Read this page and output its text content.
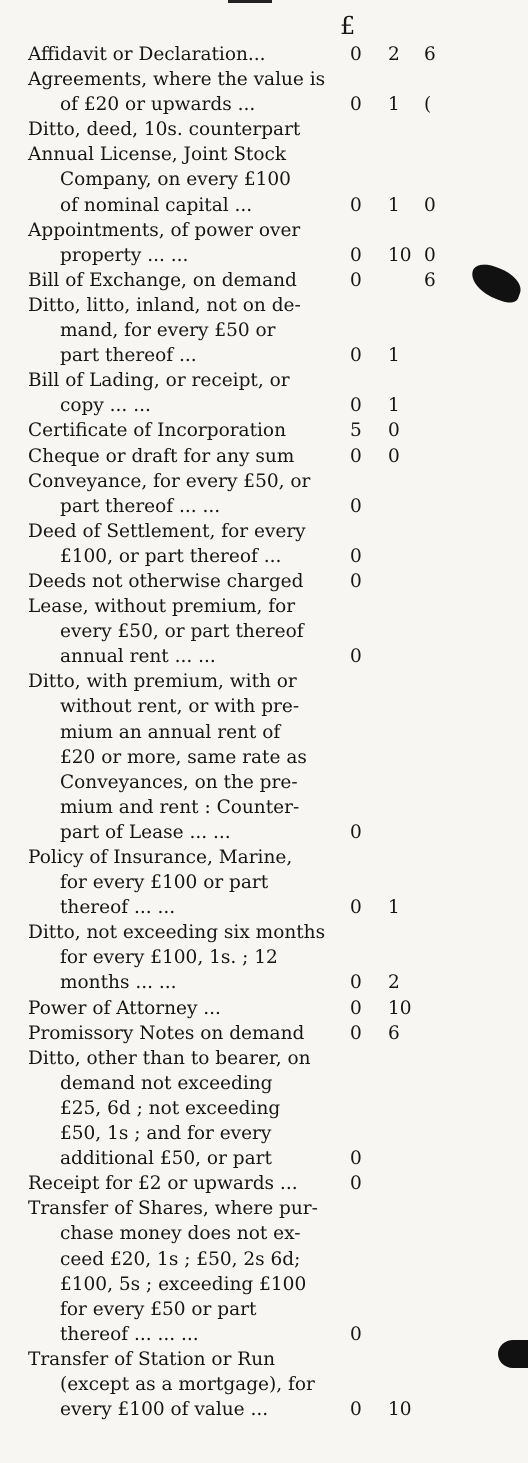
£
Affidavit or Declaration...	0 2 6
Agreements, where the value is
of £20 or upwards ...	0 1 (
Ditto, deed, 10s. counterpart
Annual License, Joint Stock
Company, on every £100
of nominal capital ...	0 1 0
Appointments, of power over
property ... ...	0 10 0
Bill of Exchange, on demand	0	6
Ditto, litto, inland, not on de-
mand, for every £50 or
part thereof ...	0 1
Bill of Lading, or receipt, or
copy ... ...	0 1
Certificate of Incorporation	5 0
Cheque or draft for any sum	0 0
Conveyance, for every £50, or
part thereof ... ...	0
Deed of Settlement, for every
£100, or part thereof ...	0
Deeds not otherwise charged	0
Lease, without premium, for
every £50, or part thereof
annual rent ... ...	0
Ditto, with premium, with or
without rent, or with pre-
mium an annual rent of
£20 or more, same rate as
Conveyances, on the pre-
mium and rent : Counter-
part of Lease ... ...	0
Policy of Insurance, Marine,
for every £100 or part
thereof ... ...	0 1
Ditto, not exceeding six months
for every £100, 1s. ; 12
months ... ...	0 2
Power of Attorney ...	0 10
Promissory Notes on demand 0 6
Ditto, other than to bearer, on
demand not exceeding
£25, 6d ; not exceeding
£50, 1s ; and for every
additional £50, or part	0
Receipt for £2 or upwards ...	0
Transfer of Shares, where pur-
chase money does not ex-
ceed £20, 1s ; £50, 2s 6d;
£100, 5s ; exceeding £100
for every £50 or part
thereof ... ... ...	0
Transfer of Station or Run
(except as a mortgage), for
every £100 of value ...	0 10
